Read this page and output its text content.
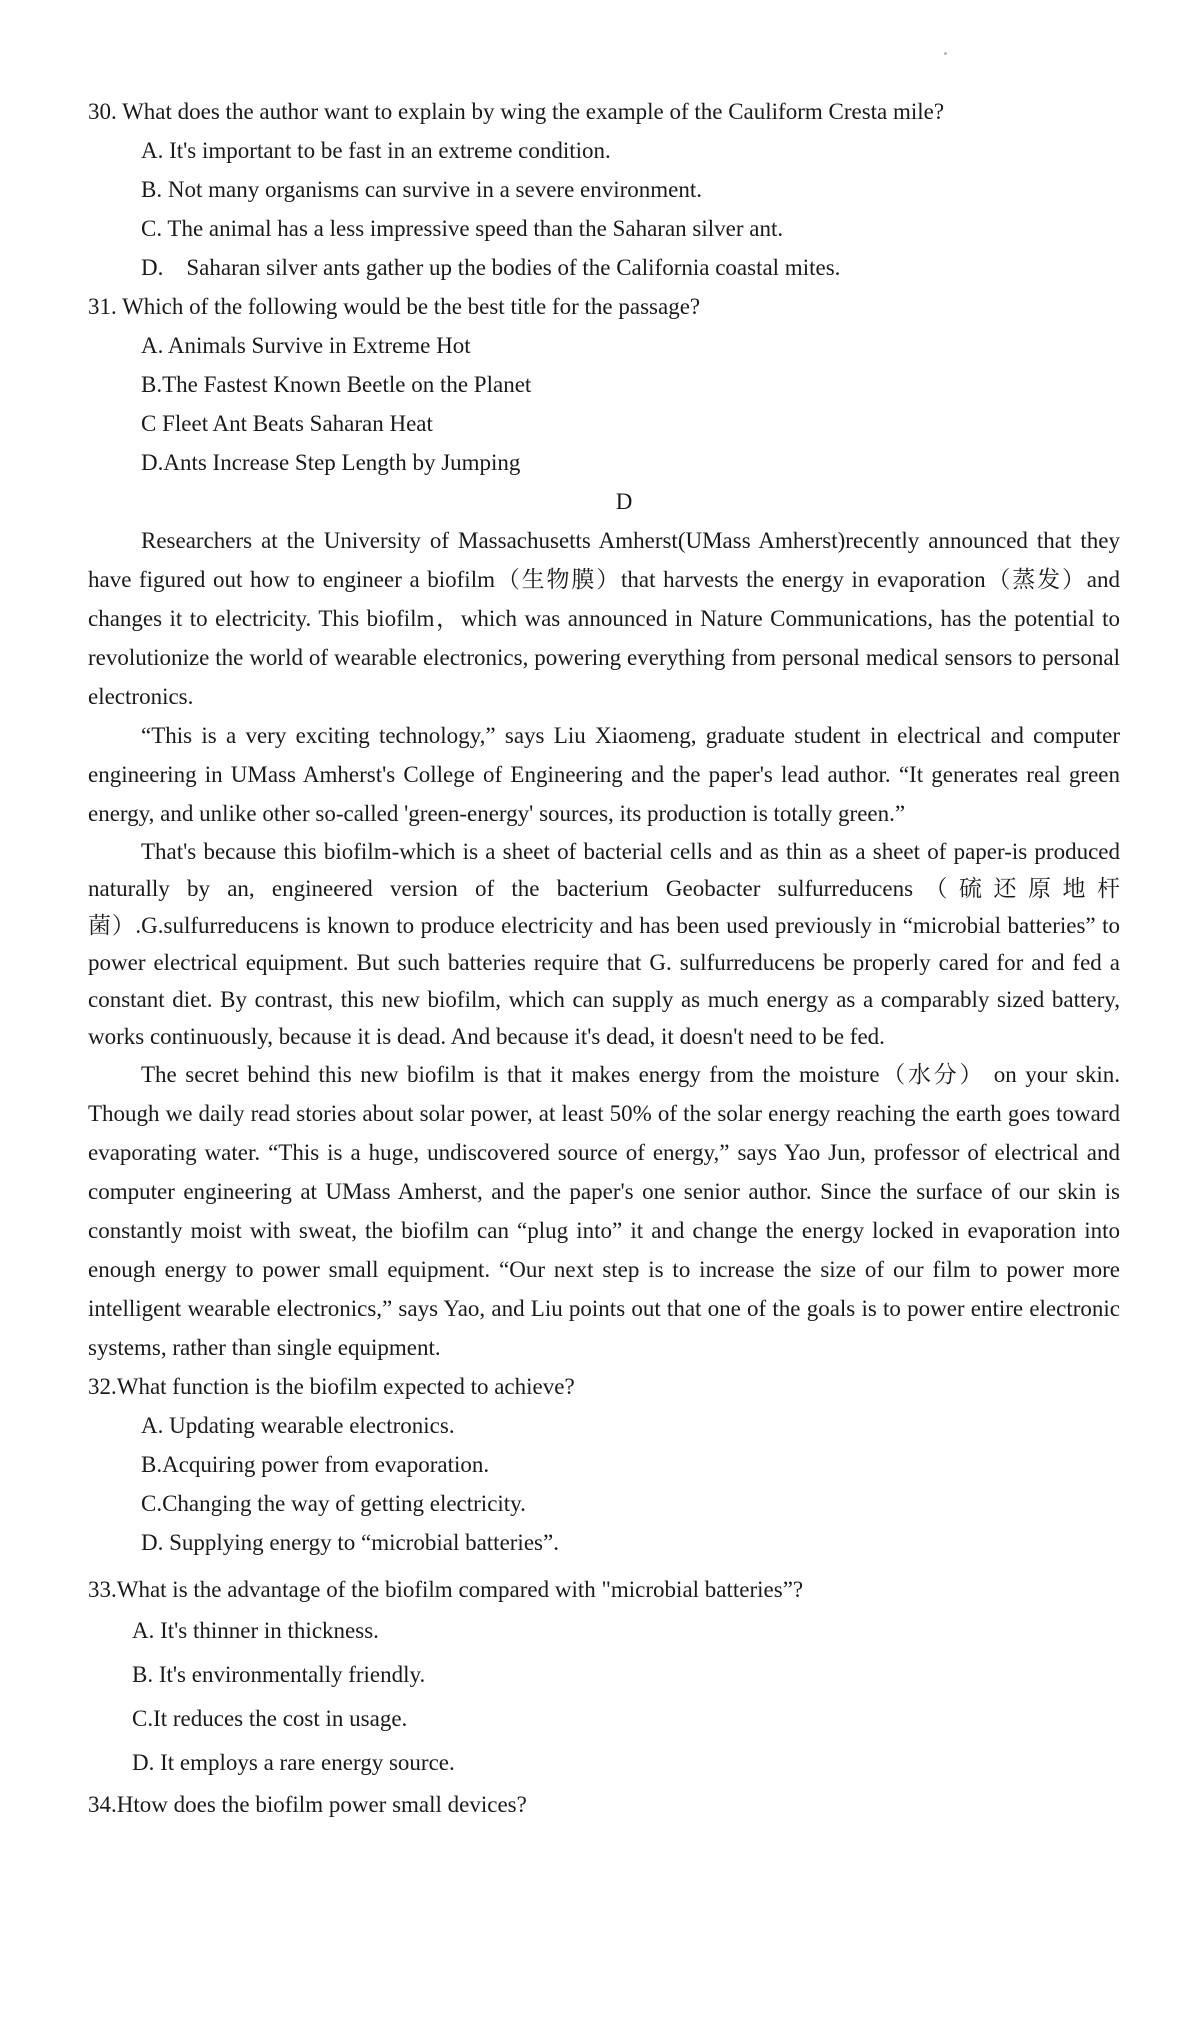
30. What does the author want to explain by wing the example of the Cauliform Cresta mile?

A. It's important to be fast in an extreme condition.

B. Not many organisms can survive in a severe environment.

C. The animal has a less impressive speed than the Saharan silver ant.

D.    Saharan silver ants gather up the bodies of the California coastal mites.

31. Which of the following would be the best title for the passage?

A. Animals Survive in Extreme Hot

B.The Fastest Known Beetle on the Planet

C Fleet Ant Beats Saharan Heat

D.Ants Increase Step Length by Jumping

D

Researchers at the University of Massachusetts Amherst(UMass Amherst)recently announced that they have figured out how to engineer a biofilm（生物膜）that harvests the energy in evaporation（蒸发）and changes it to electricity. This biofilm，which was announced in Nature Communications, has the potential to revolutionize the world of wearable electronics, powering everything from personal medical sensors to personal electronics.

“This is a very exciting technology,” says Liu Xiaomeng, graduate student in electrical and computer engineering in UMass Amherst's College of Engineering and the paper's lead author. “It generates real green energy, and unlike other so-called 'green-energy' sources, its production is totally green.”

That's because this biofilm-which is a sheet of bacterial cells and as thin as a sheet of paper-is produced naturally by an, engineered version of the bacterium Geobacter sulfurreducens（硫还原地杆菌）.G.sulfurreducens is known to produce electricity and has been used previously in “microbial batteries” to power electrical equipment. But such batteries require that G. sulfurreducens be properly cared for and fed a constant diet. By contrast, this new biofilm, which can supply as much energy as a comparably sized battery, works continuously, because it is dead. And because it's dead, it doesn't need to be fed.

The secret behind this new biofilm is that it makes energy from the moisture（水分） on your skin. Though we daily read stories about solar power, at least 50% of the solar energy reaching the earth goes toward evaporating water. “This is a huge, undiscovered source of energy,” says Yao Jun, professor of electrical and computer engineering at UMass Amherst, and the paper's one senior author. Since the surface of our skin is constantly moist with sweat, the biofilm can “plug into” it and change the energy locked in evaporation into enough energy to power small equipment. “Our next step is to increase the size of our film to power more intelligent wearable electronics,” says Yao, and Liu points out that one of the goals is to power entire electronic systems, rather than single equipment.

32.What function is the biofilm expected to achieve?

A. Updating wearable electronics.

B.Acquiring power from evaporation.

C.Changing the way of getting electricity.

D. Supplying energy to “microbial batteries”.

33.What is the advantage of the biofilm compared with "microbial batteries”?

A. It's thinner in thickness.

B. It's environmentally friendly.

C.It reduces the cost in usage.

D. It employs a rare energy source.

34.Htow does the biofilm power small devices?
